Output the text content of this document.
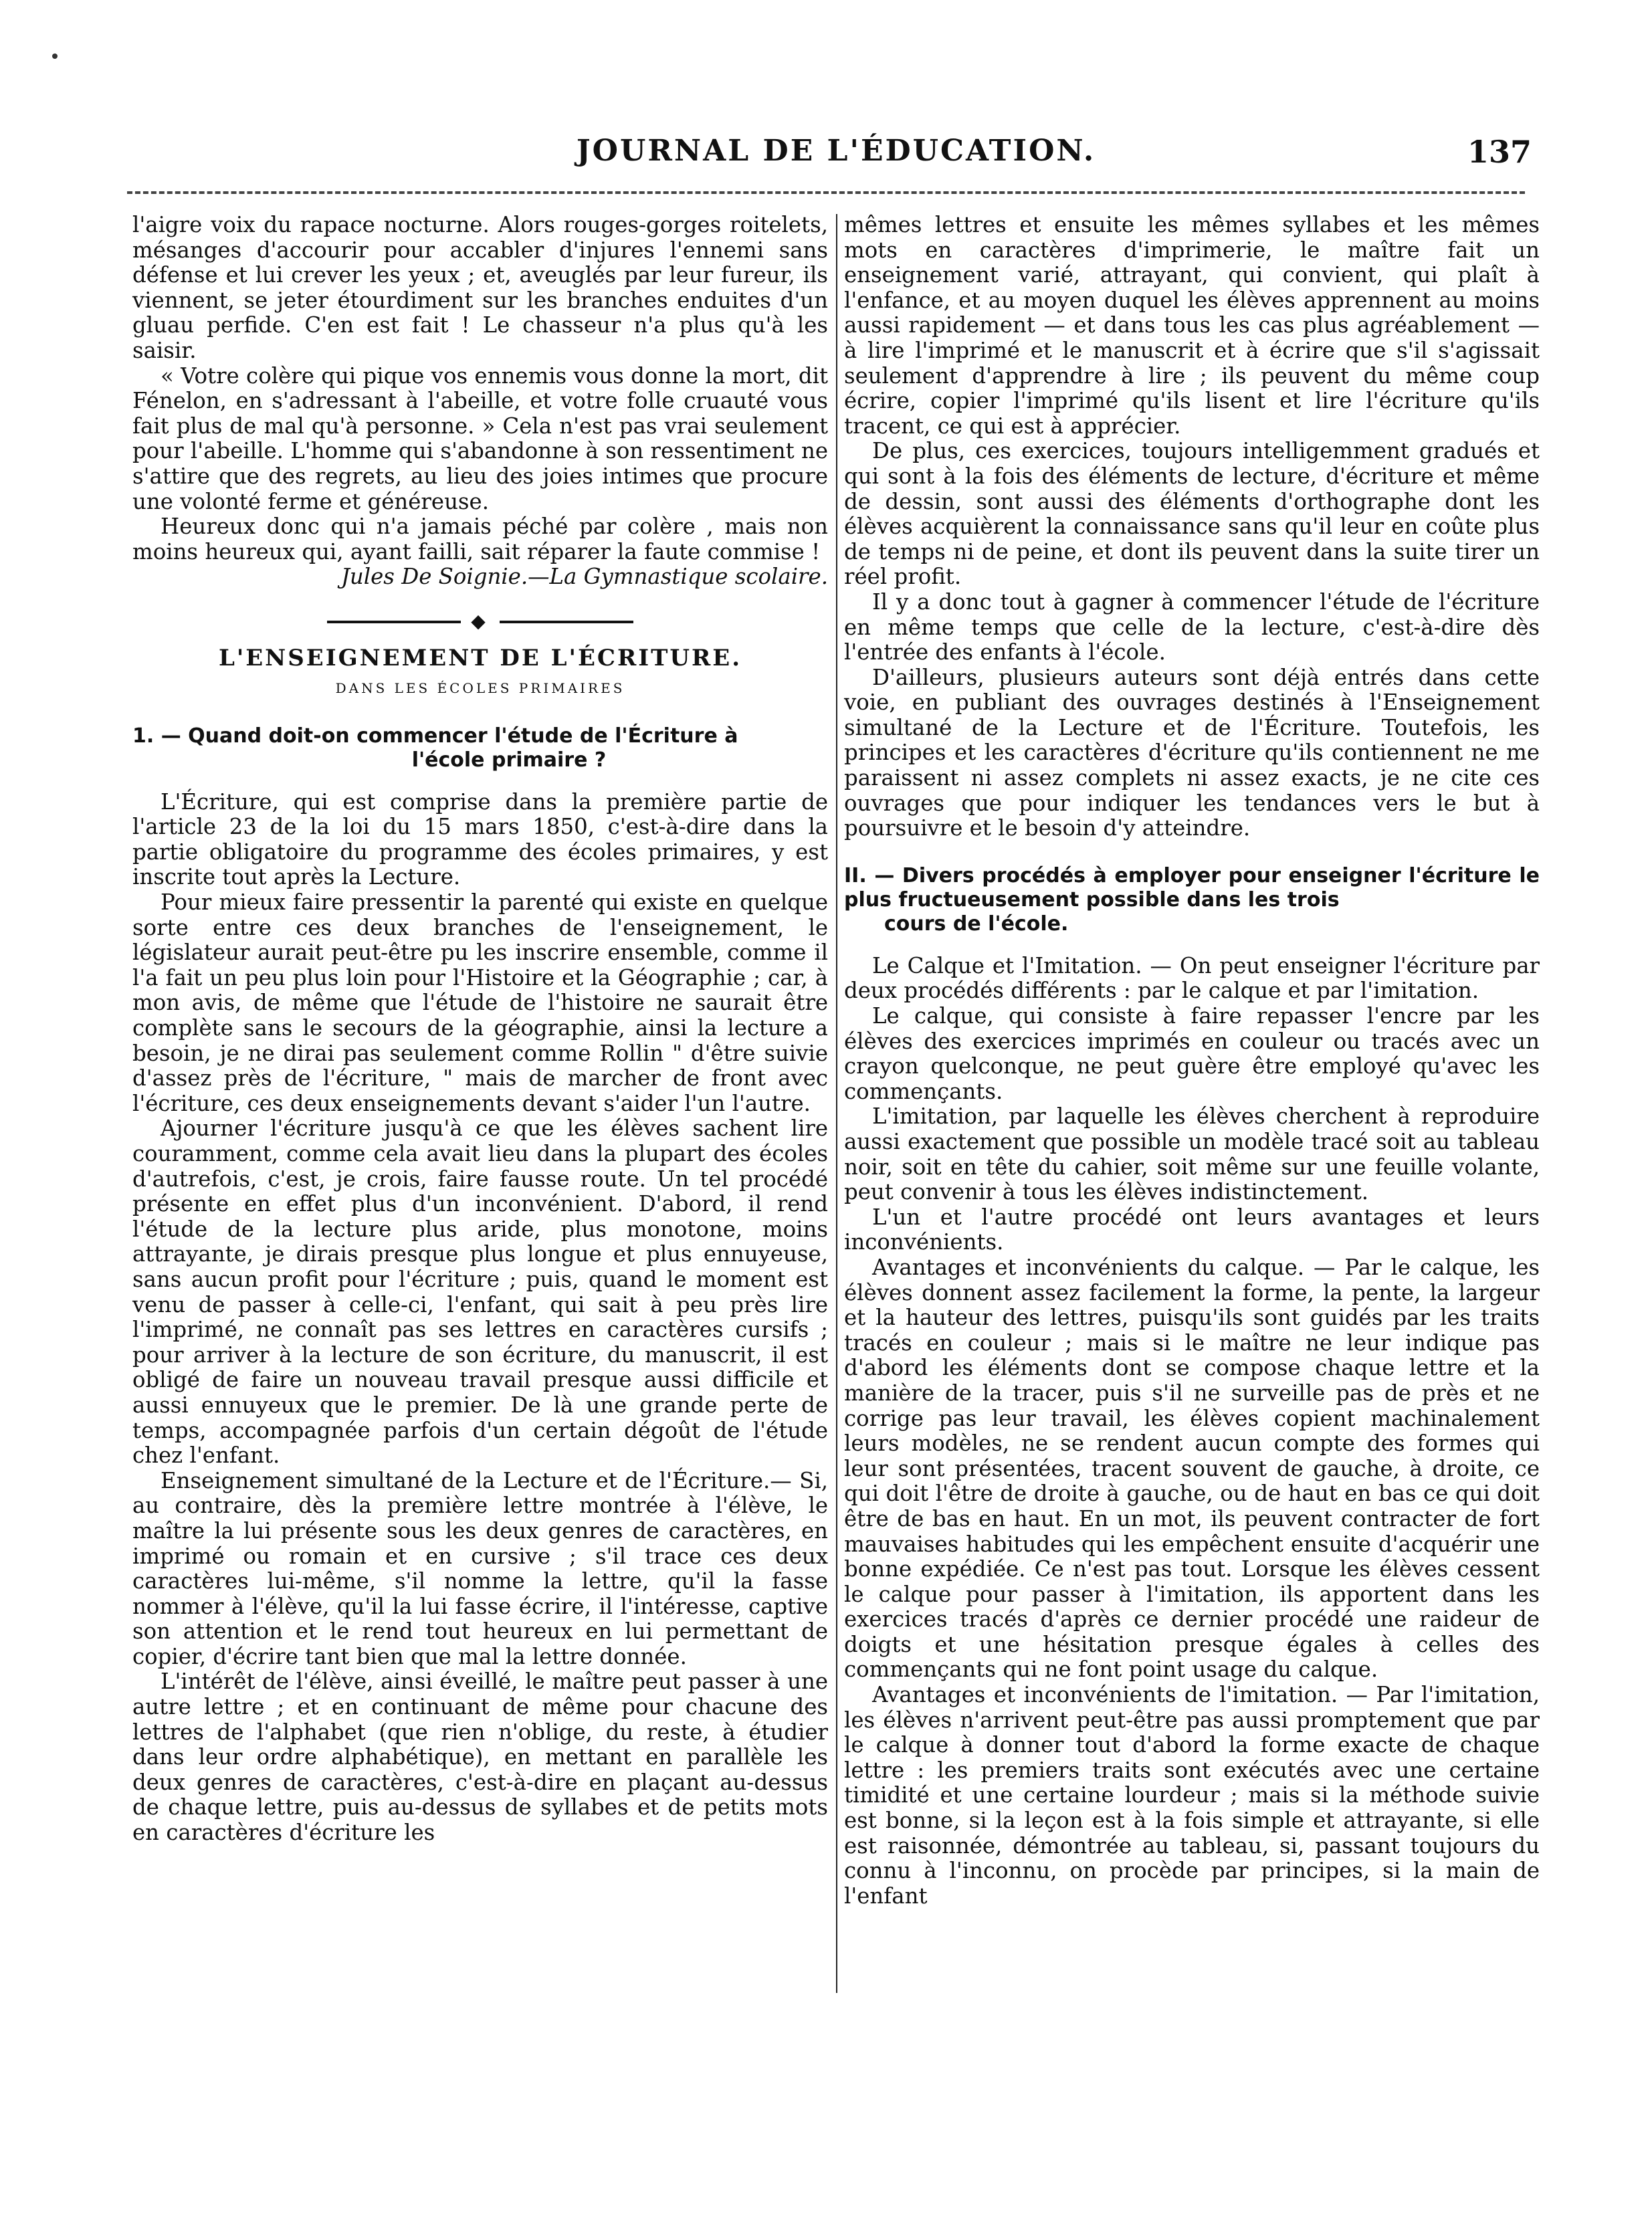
JOURNAL DE L'ÉDUCATION.	137

l'aigre voix du rapace nocturne. Alors rouges-gorges roitelets, mésanges d'accourir pour accabler d'injures l'ennemi sans défense et lui crever les yeux ; et, aveuglés par leur fureur, ils viennent, se jeter étourdiment sur les branches enduites d'un gluau perfide. C'en est fait ! Le chasseur n'a plus qu'à les saisir.

« Votre colère qui pique vos ennemis vous donne la mort, dit Fénelon, en s'adressant à l'abeille, et votre folle cruauté vous fait plus de mal qu'à personne. » Cela n'est pas vrai seulement pour l'abeille. L'homme qui s'abandonne à son ressentiment ne s'attire que des regrets, au lieu des joies intimes que procure une volonté ferme et généreuse.

Heureux donc qui n'a jamais péché par colère , mais non moins heureux qui, ayant failli, sait réparer la faute commise !

Jules De Soignie.—La Gymnastique scolaire.

◆
L'ENSEIGNEMENT DE L'ÉCRITURE.
DANS LES ÉCOLES PRIMAIRES
1. — Quand doit-on commencer l'étude de l'Écriture à
l'école primaire ?

L'Écriture, qui est comprise dans la première partie de l'article 23 de la loi du 15 mars 1850, c'est-à-dire dans la partie obligatoire du programme des écoles primaires, y est inscrite tout après la Lecture.

Pour mieux faire pressentir la parenté qui existe en quelque sorte entre ces deux branches de l'enseignement, le législateur aurait peut-être pu les inscrire ensemble, comme il l'a fait un peu plus loin pour l'Histoire et la Géographie ; car, à mon avis, de même que l'étude de l'histoire ne saurait être complète sans le secours de la géographie, ainsi la lecture a besoin, je ne dirai pas seulement comme Rollin " d'être suivie d'assez près de l'écriture, " mais de marcher de front avec l'écriture, ces deux enseignements devant s'aider l'un l'autre.

Ajourner l'écriture jusqu'à ce que les élèves sachent lire couramment, comme cela avait lieu dans la plupart des écoles d'autrefois, c'est, je crois, faire fausse route. Un tel procédé présente en effet plus d'un inconvénient. D'abord, il rend l'étude de la lecture plus aride, plus monotone, moins attrayante, je dirais presque plus longue et plus ennuyeuse, sans aucun profit pour l'écriture ; puis, quand le moment est venu de passer à celle-ci, l'enfant, qui sait à peu près lire l'imprimé, ne connaît pas ses lettres en caractères cursifs ; pour arriver à la lecture de son écriture, du manuscrit, il est obligé de faire un nouveau travail presque aussi difficile et aussi ennuyeux que le premier. De là une grande perte de temps, accompagnée parfois d'un certain dégoût de l'étude chez l'enfant.

Enseignement simultané de la Lecture et de l'Écriture.— Si, au contraire, dès la première lettre montrée à l'élève, le maître la lui présente sous les deux genres de caractères, en imprimé ou romain et en cursive ; s'il trace ces deux caractères lui-même, s'il nomme la lettre, qu'il la fasse nommer à l'élève, qu'il la lui fasse écrire, il l'intéresse, captive son attention et le rend tout heureux en lui permettant de copier, d'écrire tant bien que mal la lettre donnée.

L'intérêt de l'élève, ainsi éveillé, le maître peut passer à une autre lettre ; et en continuant de même pour chacune des lettres de l'alphabet (que rien n'oblige, du reste, à étudier dans leur ordre alphabétique), en mettant en parallèle les deux genres de caractères, c'est-à-dire en plaçant au-dessus de chaque lettre, puis au-dessus de syllabes et de petits mots en caractères d'écriture les

mêmes lettres et ensuite les mêmes syllabes et les mêmes mots en caractères d'imprimerie, le maître fait un enseignement varié, attrayant, qui convient, qui plaît à l'enfance, et au moyen duquel les élèves apprennent au moins aussi rapidement — et dans tous les cas plus agréablement — à lire l'imprimé et le manuscrit et à écrire que s'il s'agissait seulement d'apprendre à lire ; ils peuvent du même coup écrire, copier l'imprimé qu'ils lisent et lire l'écriture qu'ils tracent, ce qui est à apprécier.

De plus, ces exercices, toujours intelligemment gradués et qui sont à la fois des éléments de lecture, d'écriture et même de dessin, sont aussi des éléments d'orthographe dont les élèves acquièrent la connaissance sans qu'il leur en coûte plus de temps ni de peine, et dont ils peuvent dans la suite tirer un réel profit.

Il y a donc tout à gagner à commencer l'étude de l'écriture en même temps que celle de la lecture, c'est-à-dire dès l'entrée des enfants à l'école.

D'ailleurs, plusieurs auteurs sont déjà entrés dans cette voie, en publiant des ouvrages destinés à l'Enseignement simultané de la Lecture et de l'Écriture. Toutefois, les principes et les caractères d'écriture qu'ils contiennent ne me paraissent ni assez complets ni assez exacts, je ne cite ces ouvrages que pour indiquer les tendances vers le but à poursuivre et le besoin d'y atteindre.

II. — Divers procédés à employer pour enseigner l'écriture le plus fructueusement possible dans les trois
cours de l'école.

Le Calque et l'Imitation. — On peut enseigner l'écriture par deux procédés différents : par le calque et par l'imitation.

Le calque, qui consiste à faire repasser l'encre par les élèves des exercices imprimés en couleur ou tracés avec un crayon quelconque, ne peut guère être employé qu'avec les commençants.

L'imitation, par laquelle les élèves cherchent à reproduire aussi exactement que possible un modèle tracé soit au tableau noir, soit en tête du cahier, soit même sur une feuille volante, peut convenir à tous les élèves indistinctement.

L'un et l'autre procédé ont leurs avantages et leurs inconvénients.

Avantages et inconvénients du calque. — Par le calque, les élèves donnent assez facilement la forme, la pente, la largeur et la hauteur des lettres, puisqu'ils sont guidés par les traits tracés en couleur ; mais si le maître ne leur indique pas d'abord les éléments dont se compose chaque lettre et la manière de la tracer, puis s'il ne surveille pas de près et ne corrige pas leur travail, les élèves copient machinalement leurs modèles, ne se rendent aucun compte des formes qui leur sont présentées, tracent souvent de gauche, à droite, ce qui doit l'être de droite à gauche, ou de haut en bas ce qui doit être de bas en haut. En un mot, ils peuvent contracter de fort mauvaises habitudes qui les empêchent ensuite d'acquérir une bonne expédiée. Ce n'est pas tout. Lorsque les élèves cessent le calque pour passer à l'imitation, ils apportent dans les exercices tracés d'après ce dernier procédé une raideur de doigts et une hésitation presque égales à celles des commençants qui ne font point usage du calque.

Avantages et inconvénients de l'imitation. — Par l'imitation, les élèves n'arrivent peut-être pas aussi promptement que par le calque à donner tout d'abord la forme exacte de chaque lettre : les premiers traits sont exécutés avec une certaine timidité et une certaine lourdeur ; mais si la méthode suivie est bonne, si la leçon est à la fois simple et attrayante, si elle est raisonnée, démontrée au tableau, si, passant toujours du connu à l'inconnu, on procède par principes, si la main de l'enfant
